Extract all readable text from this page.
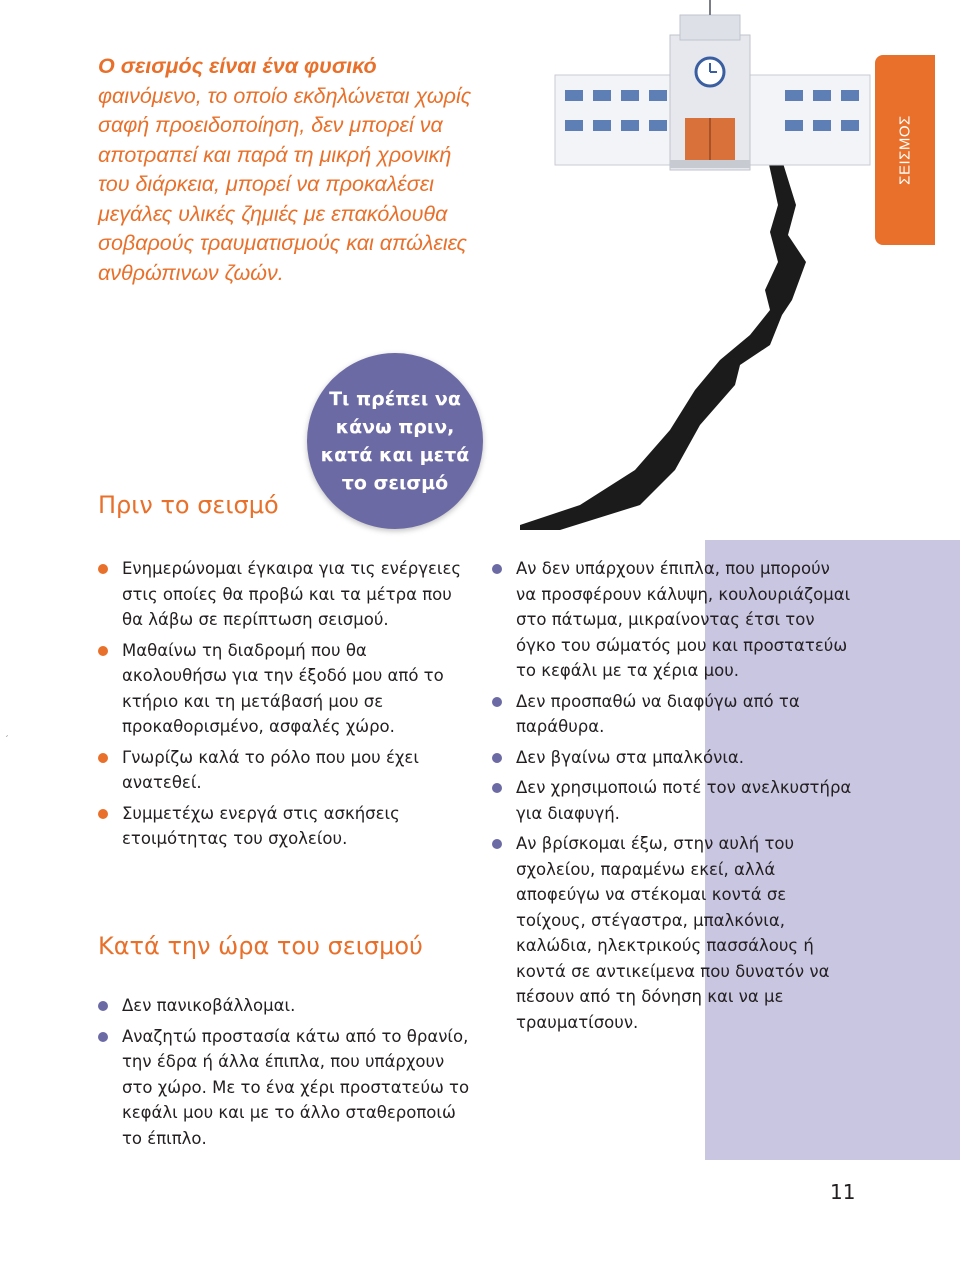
Ο σεισμός είναι ένα φυσικό φαινόμενο, το οποίο εκδηλώνεται χωρίς σαφή προειδοποίηση, δεν μπορεί να αποτραπεί και παρά τη μικρή χρονική του διάρκεια, μπορεί να προκαλέσει μεγάλες υλικές ζημιές με επακόλουθα σοβαρούς τραυματισμούς και απώλειες ανθρώπινων ζωών.
ΣΕΙΣΜΟΣ
Πριν το σεισμό
Τι πρέπει να κάνω πριν, κατά και μετά το σεισμό
Ενημερώνομαι έγκαιρα για τις ενέργειες στις οποίες θα προβώ και τα μέτρα που θα λάβω σε περίπτωση σεισμού.
Μαθαίνω τη διαδρομή που θα ακολουθήσω για την έξοδό μου από το κτήριο και τη μετάβασή μου σε προκαθορισμένο, ασφαλές χώρο.
Γνωρίζω καλά το ρόλο που μου έχει ανατεθεί.
Συμμετέχω ενεργά στις ασκήσεις ετοιμότητας του σχολείου.
Κατά την ώρα του σεισμού
Δεν πανικοβάλλομαι.
Αναζητώ προστασία κάτω από το θρανίο, την έδρα ή άλλα έπιπλα, που υπάρχουν στο χώρο. Με το ένα χέρι προστατεύω το κεφάλι μου και με το άλλο σταθεροποιώ το έπιπλο.
Αν δεν υπάρχουν έπιπλα, που μπορούν να προσφέρουν κάλυψη, κουλουριάζομαι στο πάτωμα, μικραίνοντας έτσι τον όγκο του σώματός μου και προστατεύω το κεφάλι με τα χέρια μου.
Δεν προσπαθώ να διαφύγω από τα παράθυρα.
Δεν βγαίνω στα μπαλκόνια.
Δεν χρησιμοποιώ ποτέ τον ανελκυστήρα για διαφυγή.
Αν βρίσκομαι έξω, στην αυλή του σχολείου, παραμένω εκεί, αλλά αποφεύγω να στέκομαι κοντά σε τοίχους, στέγαστρα, μπαλκόνια, καλώδια, ηλεκτρικούς πασσάλους ή κοντά σε αντικείμενα που δυνατόν να πέσουν από τη δόνηση και να με τραυματίσουν.
΄
11
